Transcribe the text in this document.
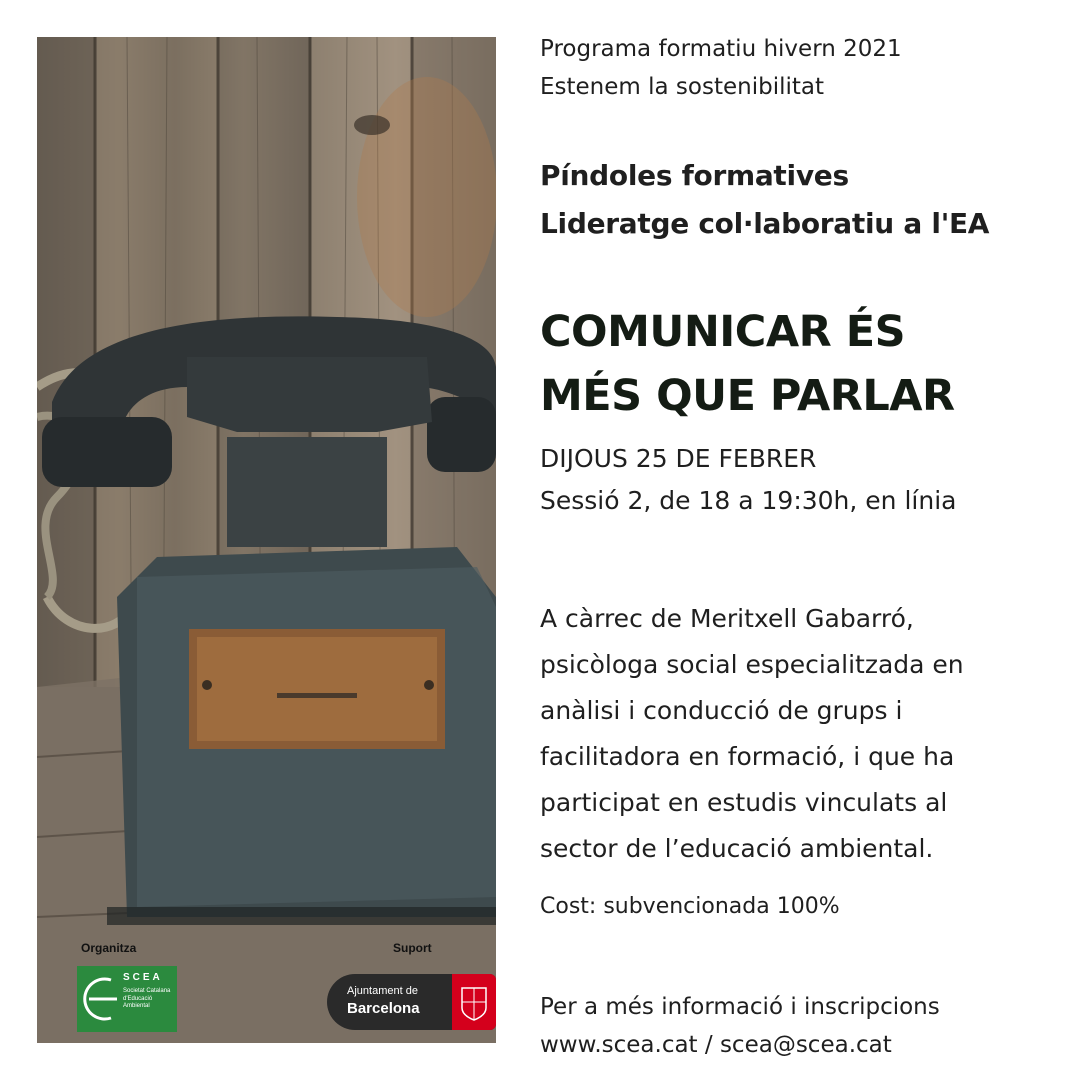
Organitza
SCEA
Societat Catalana d'Educació Ambiental
Suport
Ajuntament de
Barcelona

Programa formatiu hivern 2021
Estenem la sostenibilitat

Píndoles formatives
Lideratge col·laboratiu a l'EA

COMUNICAR ÉS
MÉS QUE PARLAR

DIJOUS 25 DE FEBRER
Sessió 2, de 18 a 19:30h, en línia

A càrrec de Meritxell Gabarró,
psicòloga social especialitzada en
anàlisi i conducció de grups i
facilitadora en formació, i que ha
participat en estudis vinculats al
sector de l’educació ambiental.

Cost: subvencionada 100%

Per a més informació i inscripcions
www.scea.cat / scea@scea.cat
